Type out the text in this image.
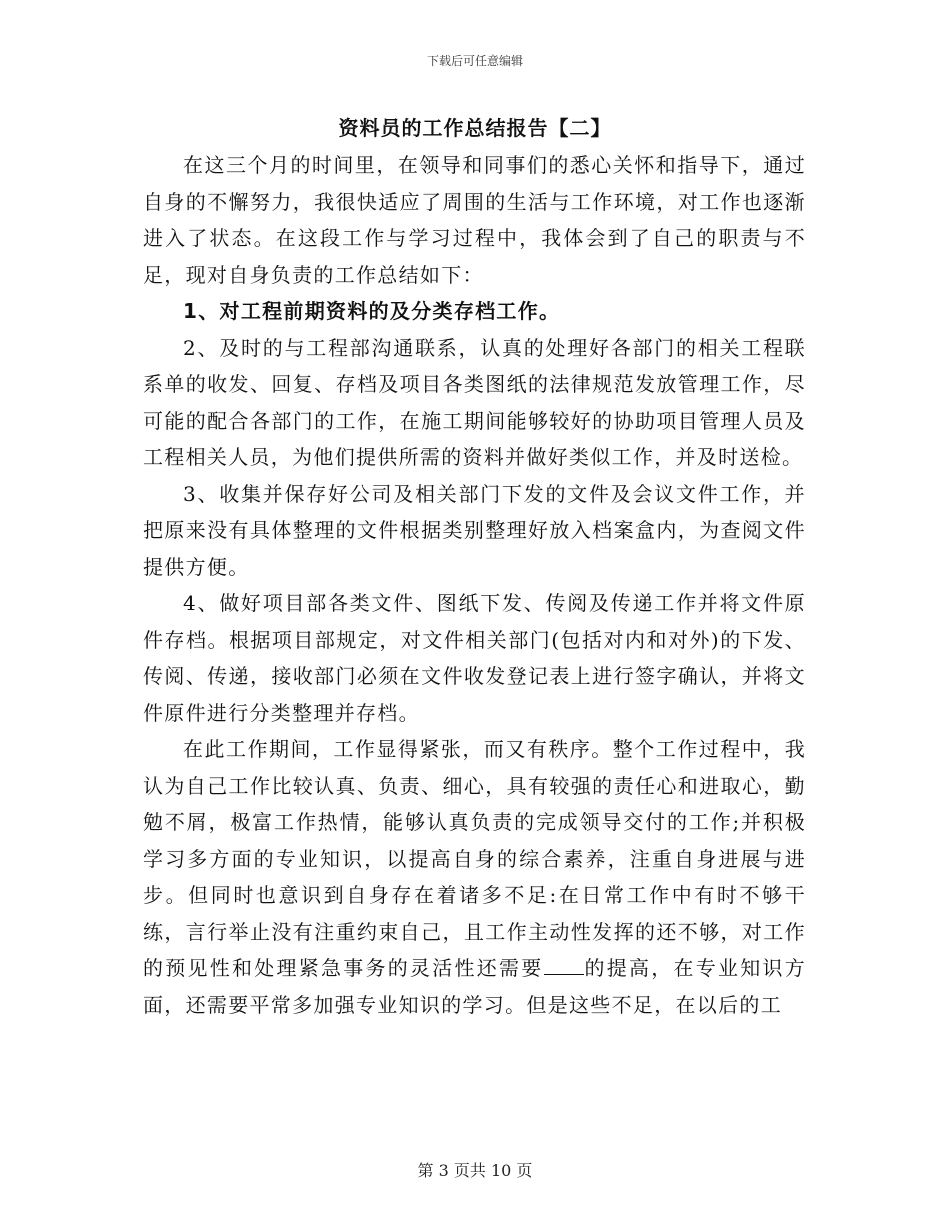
下载后可任意编辑
资料员的工作总结报告【二】

在这三个月的时间里，在领导和同事们的悉心关怀和指导下，通过自身的不懈努力，我很快适应了周围的生活与工作环境，对工作也逐渐进入了状态。在这段工作与学习过程中，我体会到了自己的职责与不足，现对自身负责的工作总结如下：

1、对工程前期资料的及分类存档工作。

2、及时的与工程部沟通联系，认真的处理好各部门的相关工程联系单的收发、回复、存档及项目各类图纸的法律规范发放管理工作，尽可能的配合各部门的工作，在施工期间能够较好的协助项目管理人员及工程相关人员，为他们提供所需的资料并做好类似工作，并及时送检。

3、收集并保存好公司及相关部门下发的文件及会议文件工作，并把原来没有具体整理的文件根据类别整理好放入档案盒内，为查阅文件提供方便。

4、做好项目部各类文件、图纸下发、传阅及传递工作并将文件原件存档。根据项目部规定，对文件相关部门(包括对内和对外)的下发、传阅、传递，接收部门必须在文件收发登记表上进行签字确认，并将文件原件进行分类整理并存档。

在此工作期间，工作显得紧张，而又有秩序。整个工作过程中，我认为自己工作比较认真、负责、细心，具有较强的责任心和进取心，勤勉不屑，极富工作热情，能够认真负责的完成领导交付的工作;并积极学习多方面的专业知识，以提高自身的综合素养，注重自身进展与进步。但同时也意识到自身存在着诸多不足:在日常工作中有时不够干练，言行举止没有注重约束自己，且工作主动性发挥的还不够，对工作的预见性和处理紧急事务的灵活性还需要 的提高，在专业知识方面，还需要平常多加强专业知识的学习。但是这些不足，在以后的工

第 3 页共 10 页
